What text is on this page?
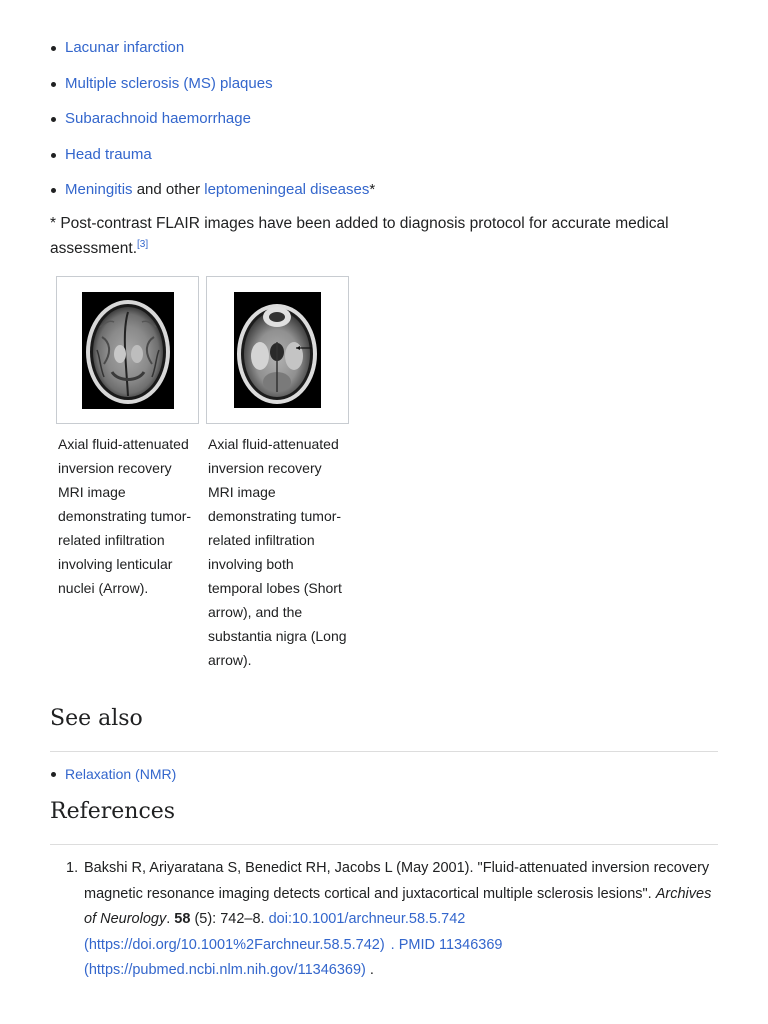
Lacunar infarction
Multiple sclerosis (MS) plaques
Subarachnoid haemorrhage
Head trauma
Meningitis and other leptomeningeal diseases*
* Post-contrast FLAIR images have been added to diagnosis protocol for accurate medical assessment.[3]
Axial fluid-attenuated inversion recovery MRI image demonstrating tumor-related infiltration involving lenticular nuclei (Arrow).
Axial fluid-attenuated inversion recovery MRI image demonstrating tumor-related infiltration involving both temporal lobes (Short arrow), and the substantia nigra (Long arrow).
See also
Relaxation (NMR)
References
1. Bakshi R, Ariyaratana S, Benedict RH, Jacobs L (May 2001). "Fluid-attenuated inversion recovery magnetic resonance imaging detects cortical and juxtacortical multiple sclerosis lesions". Archives of Neurology. 58 (5): 742–8. doi:10.1001/archneur.58.5.742 (https://doi.org/10.1001%2Farchneur.58.5.742) . PMID 11346369 (https://pubmed.ncbi.nlm.nih.gov/11346369) .
